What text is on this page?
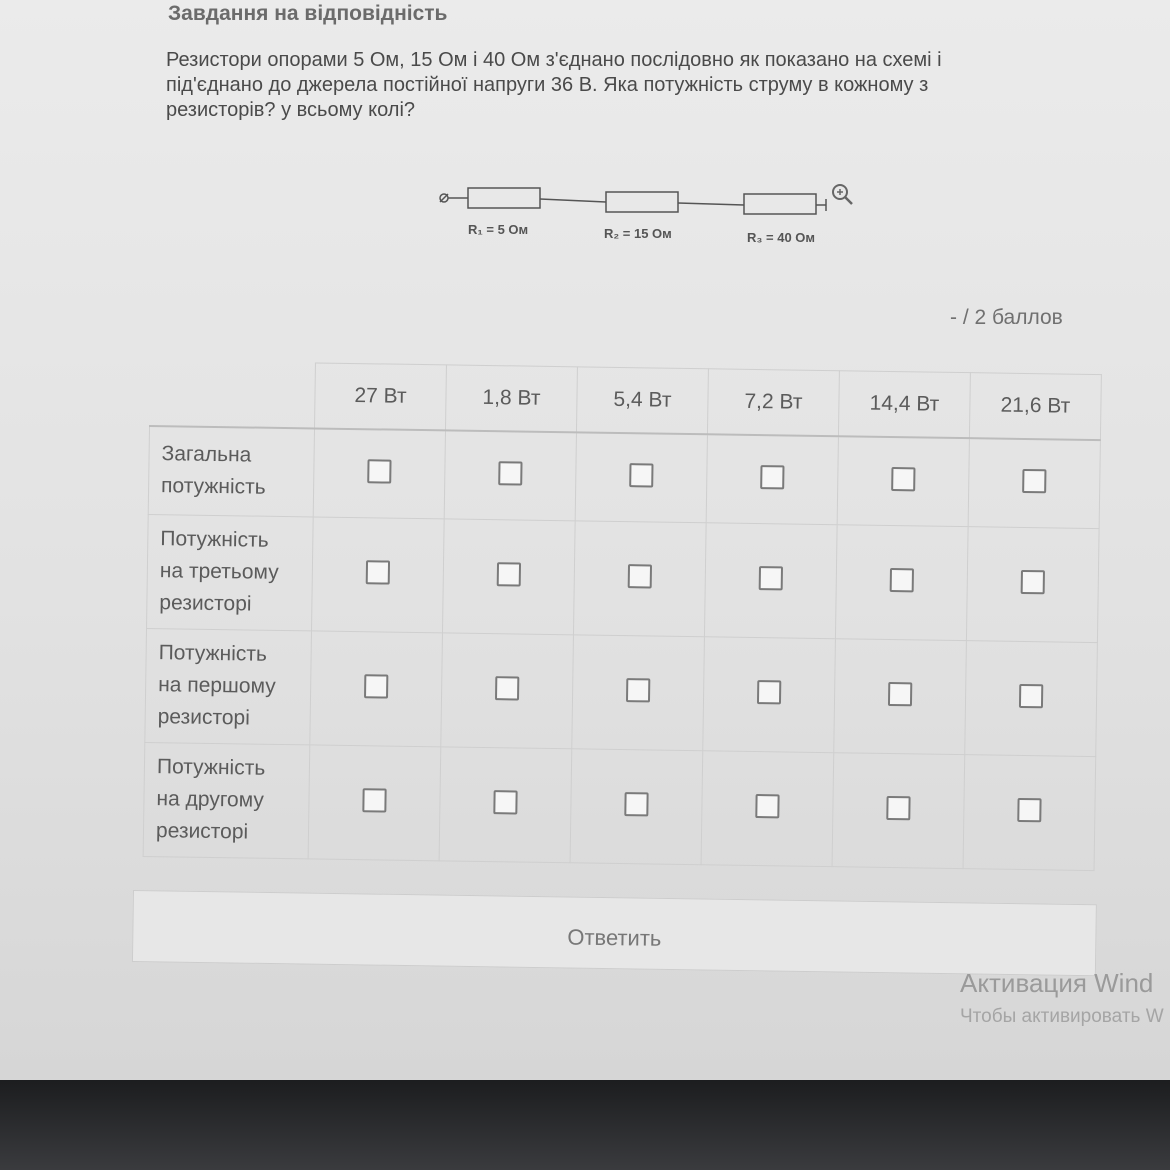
Завдання на відповідність
Резистори опорами 5 Ом, 15 Ом і 40 Ом з'єднано послідовно як показано на схемі і під'єднано до джерела постійної напруги 36 В. Яка потужність струму в кожному з резисторів? у всьому колі?
R₁ = 5 Ом	R₂ = 15 Ом	R₃ = 40 Ом
- / 2 баллов
	27 Вт	1,8 Вт	5,4 Вт	7,2 Вт	14,4 Вт	21,6 Вт

Загальна
потужність						

Потужність
на третьому
резисторі						

Потужність
на першому
резисторі						

Потужність
на другому
резисторі						

Ответить
Активация Wind
Чтобы активировать W
